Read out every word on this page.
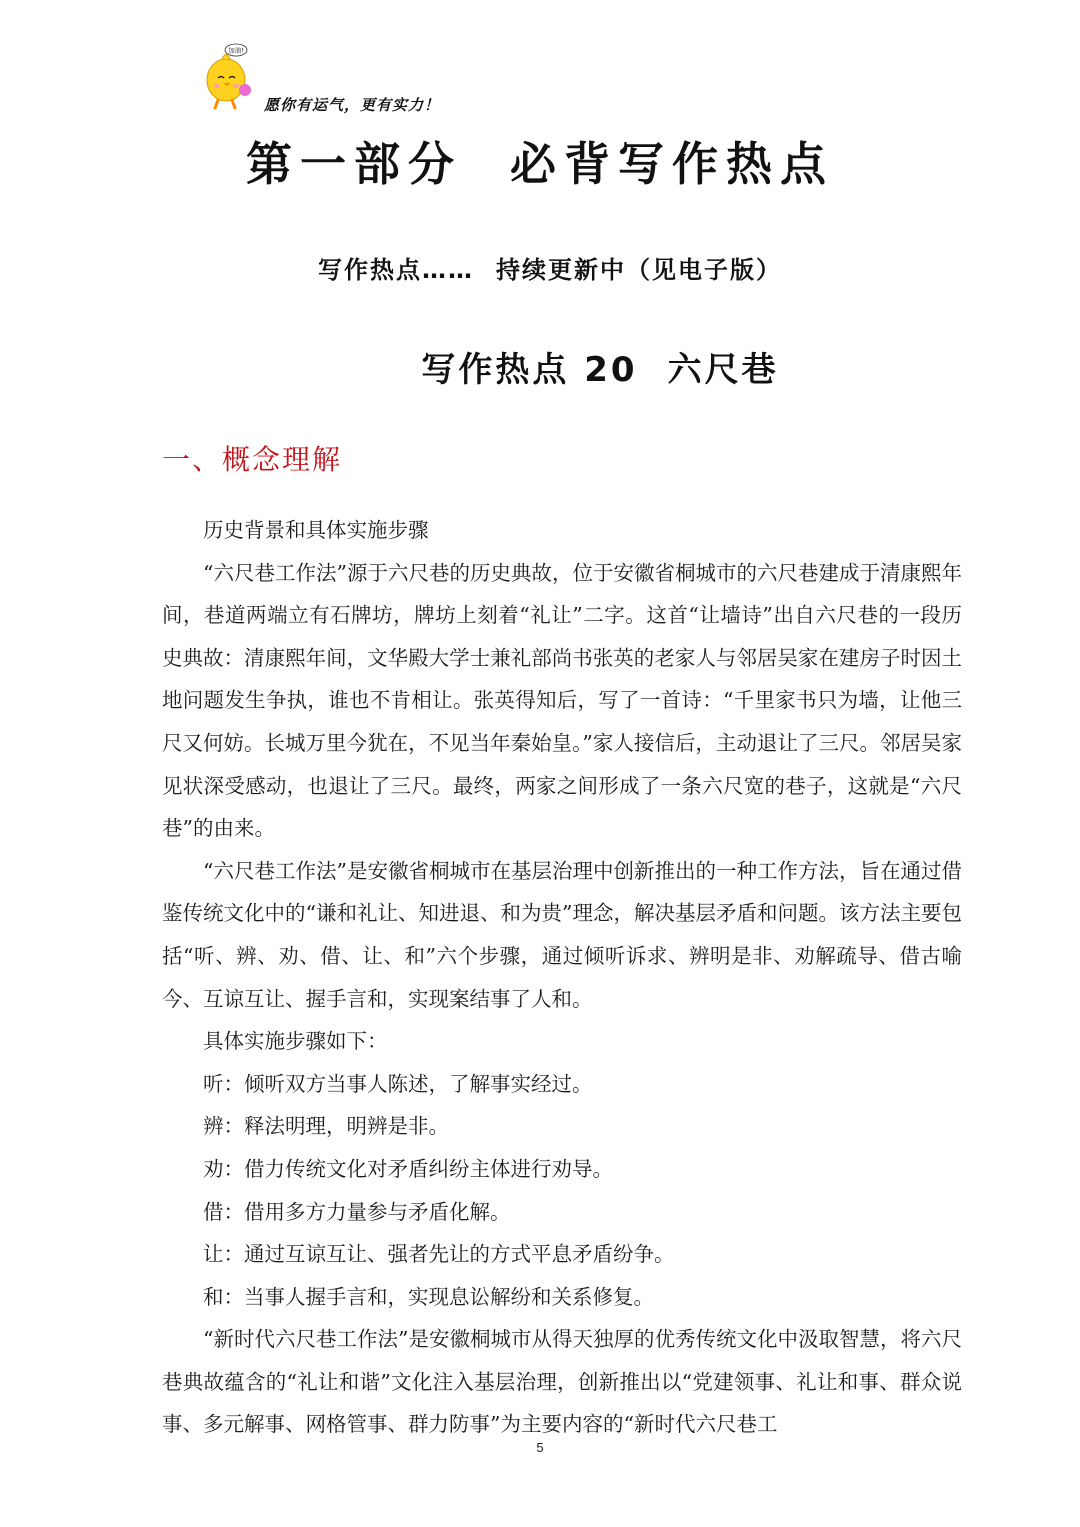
加油!
愿你有运气，更有实力！
第一部分 必背写作热点
写作热点…… 持续更新中（见电子版）
写作热点 20 六尺巷
一、概念理解

历史背景和具体实施步骤

“六尺巷工作法”源于六尺巷的历史典故，位于安徽省桐城市的六尺巷建成于清康熙年间，巷道两端立有石牌坊，牌坊上刻着“礼让”二字。这首“让墙诗”出自六尺巷的一段历史典故：清康熙年间，文华殿大学士兼礼部尚书张英的老家人与邻居吴家在建房子时因土地问题发生争执，谁也不肯相让。张英得知后，写了一首诗：“千里家书只为墙，让他三尺又何妨。长城万里今犹在，不见当年秦始皇。”家人接信后，主动退让了三尺。邻居吴家见状深受感动，也退让了三尺。最终，两家之间形成了一条六尺宽的巷子，这就是“六尺巷”的由来。

“六尺巷工作法”是安徽省桐城市在基层治理中创新推出的一种工作方法，旨在通过借鉴传统文化中的“谦和礼让、知进退、和为贵”理念，解决基层矛盾和问题。该方法主要包括“听、辨、劝、借、让、和”六个步骤，通过倾听诉求、辨明是非、劝解疏导、借古喻今、互谅互让、握手言和，实现案结事了人和。

具体实施步骤如下：

听：倾听双方当事人陈述，了解事实经过。

辨：释法明理，明辨是非。

劝：借力传统文化对矛盾纠纷主体进行劝导。

借：借用多方力量参与矛盾化解。

让：通过互谅互让、强者先让的方式平息矛盾纷争。

和：当事人握手言和，实现息讼解纷和关系修复。

“新时代六尺巷工作法”是安徽桐城市从得天独厚的优秀传统文化中汲取智慧，将六尺巷典故蕴含的“礼让和谐”文化注入基层治理，创新推出以“党建领事、礼让和事、群众说事、多元解事、网格管事、群力防事”为主要内容的“新时代六尺巷工

5
